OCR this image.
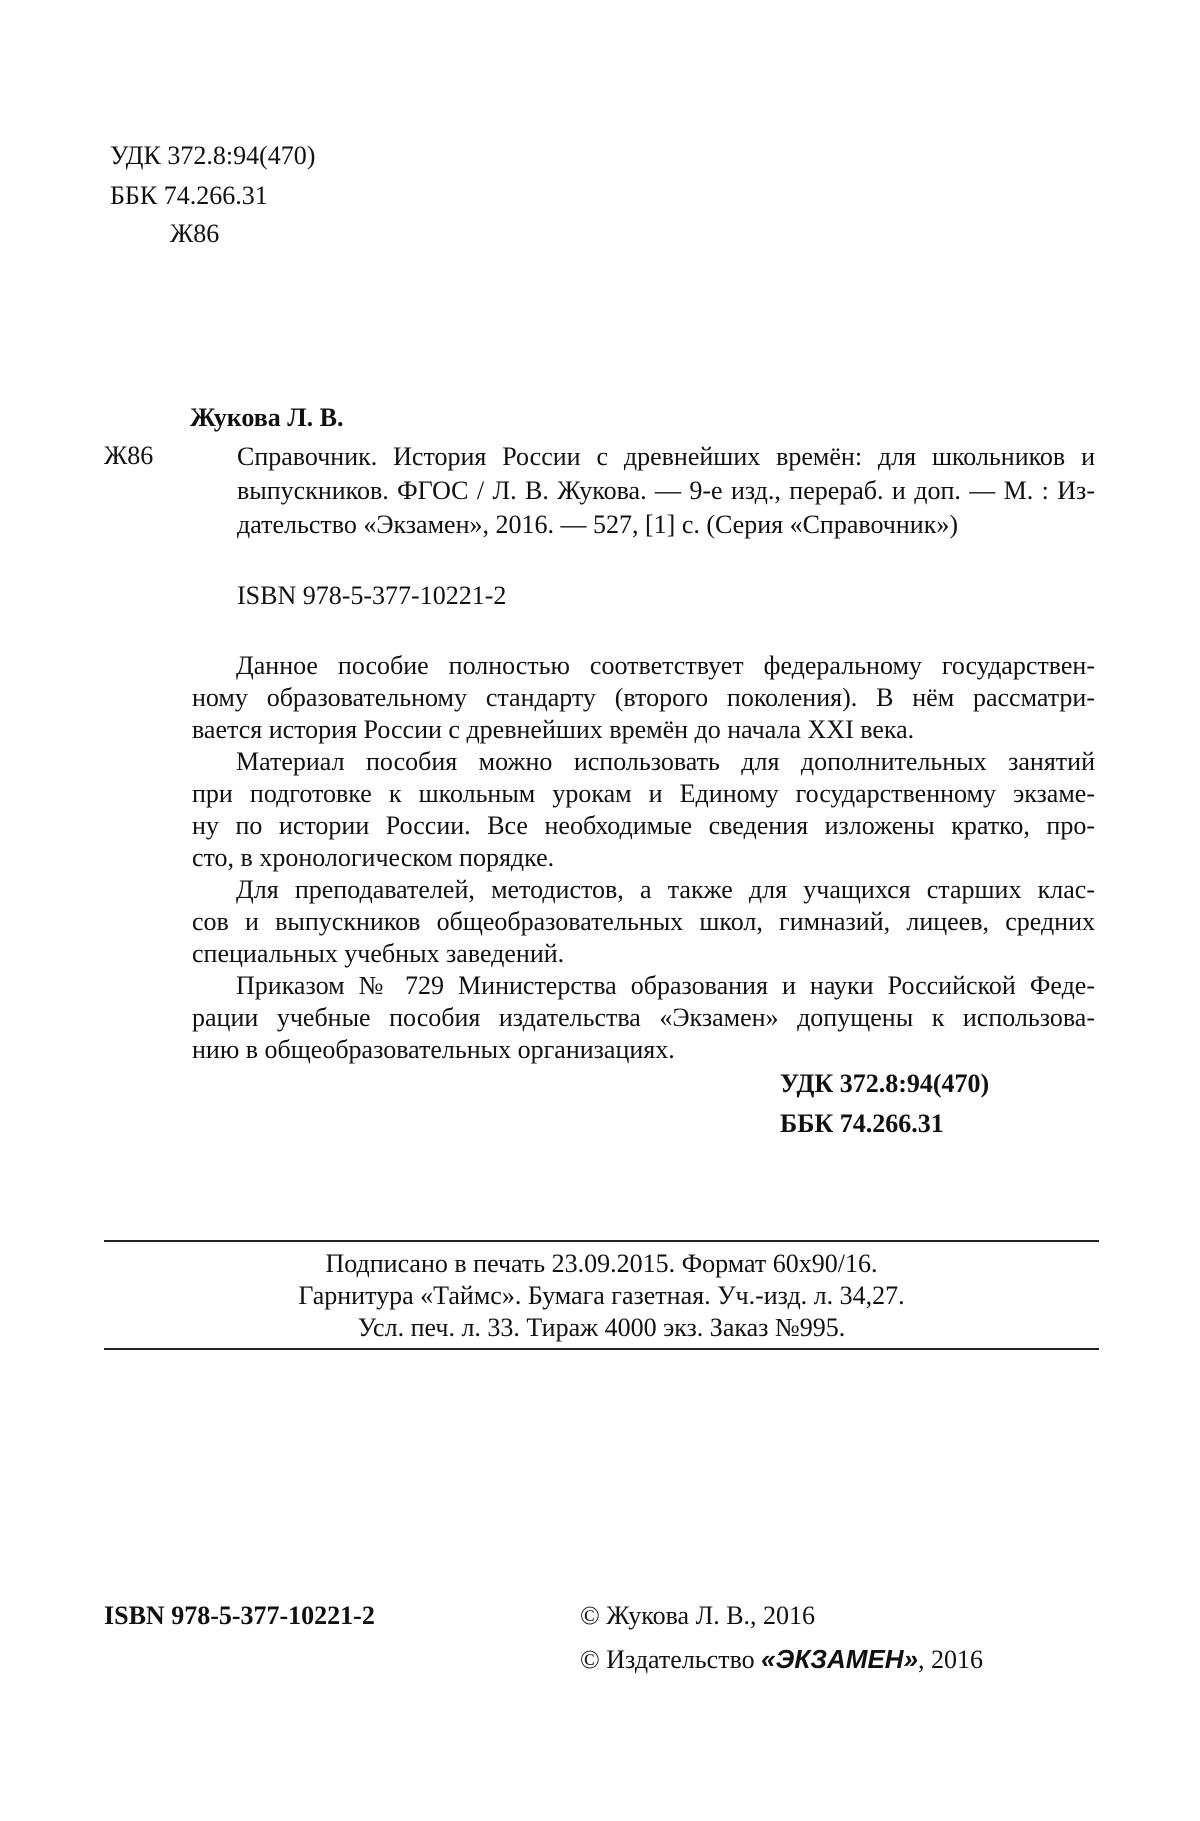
УДК 372.8:94(470)
ББК 74.266.31
Ж86
Жукова Л. В.
Ж86	Справочник. История России с древнейших времён: для школьников и
выпускников. ФГОС / Л. В. Жукова. — 9-е изд., перераб. и доп. — М. : Из-
дательство «Экзамен», 2016. — 527, [1] с. (Серия «Справочник»)
ISBN 978-5-377-10221-2
Данное пособие полностью соответствует федеральному государствен-
ному образовательному стандарту (второго поколения). В нём рассматри-
вается история России с древнейших времён до начала XXI века.
Материал пособия можно использовать для дополнительных занятий
при подготовке к школьным урокам и Единому государственному экзаме-
ну по истории России. Все необходимые сведения изложены кратко, про-
сто, в хронологическом порядке.
Для преподавателей, методистов, а также для учащихся старших клас-
сов и выпускников общеобразовательных школ, гимназий, лицеев, средних
специальных учебных заведений.
Приказом № 729 Министерства образования и науки Российской Феде-
рации учебные пособия издательства «Экзамен» допущены к использова-
нию в общеобразовательных организациях.
УДК 372.8:94(470)
ББК 74.266.31
Подписано в печать 23.09.2015. Формат 60x90/16.
Гарнитура «Таймс». Бумага газетная. Уч.-изд. л. 34,27.
Усл. печ. л. 33. Тираж 4000 экз. Заказ №995.
ISBN 978-5-377-10221-2	© Жукова Л. В., 2016
© Издательство «ЭКЗАМЕН», 2016
